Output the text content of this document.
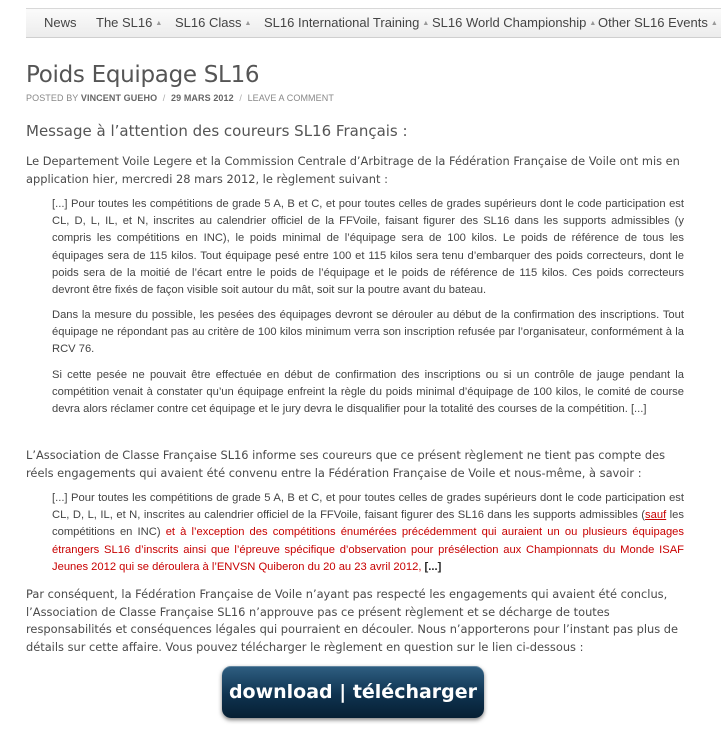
News The SL16 ▲ SL16 Class ▲ SL16 International Training ▲ SL16 World Championship ▲ Other SL16 Events ▲
Poids Equipage SL16
POSTED BY VINCENT GUEHO / 29 MARS 2012 / LEAVE A COMMENT
Message à l’attention des coureurs SL16 Français :
Le Departement Voile Legere et la Commission Centrale d’Arbitrage de la Fédération Française de Voile ont mis en application hier, mercredi 28 mars 2012, le règlement suivant :
[...] Pour toutes les compétitions de grade 5 A, B et C, et pour toutes celles de grades supérieurs dont le code participation est CL, D, L, IL, et N, inscrites au calendrier officiel de la FFVoile, faisant figurer des SL16 dans les supports admissibles (y compris les compétitions en INC), le poids minimal de l’équipage sera de 100 kilos. Le poids de référence de tous les équipages sera de 115 kilos. Tout équipage pesé entre 100 et 115 kilos sera tenu d’embarquer des poids correcteurs, dont le poids sera de la moitié de l’écart entre le poids de l’équipage et le poids de référence de 115 kilos. Ces poids correcteurs devront être fixés de façon visible soit autour du mât, soit sur la poutre avant du bateau.
Dans la mesure du possible, les pesées des équipages devront se dérouler au début de la confirmation des inscriptions. Tout équipage ne répondant pas au critère de 100 kilos minimum verra son inscription refusée par l’organisateur, conformément à la RCV 76.
Si cette pesée ne pouvait être effectuée en début de confirmation des inscriptions ou si un contrôle de jauge pendant la compétition venait à constater qu’un équipage enfreint la règle du poids minimal d’équipage de 100 kilos, le comité de course devra alors réclamer contre cet équipage et le jury devra le disqualifier pour la totalité des courses de la compétition. [...]
L’Association de Classe Française SL16 informe ses coureurs que ce présent règlement ne tient pas compte des réels engagements qui avaient été convenu entre la Fédération Française de Voile et nous-même, à savoir :
[...] Pour toutes les compétitions de grade 5 A, B et C, et pour toutes celles de grades supérieurs dont le code participation est CL, D, L, IL, et N, inscrites au calendrier officiel de la FFVoile, faisant figurer des SL16 dans les supports admissibles (sauf les compétitions en INC) et à l’exception des compétitions énumérées précédemment qui auraient un ou plusieurs équipages étrangers SL16 d’inscrits ainsi que l’épreuve spécifique d’observation pour présélection aux Championnats du Monde ISAF Jeunes 2012 qui se déroulera à l’ENVSN Quiberon du 20 au 23 avril 2012, [...]
Par conséquent, la Fédération Française de Voile n’ayant pas respecté les engagements qui avaient été conclus, l’Association de Classe Française SL16 n’approuve pas ce présent règlement et se décharge de toutes responsabilités et conséquences légales qui pourraient en découler. Nous n’apporterons pour l’instant pas plus de détails sur cette affaire. Vous pouvez télécharger le règlement en question sur le lien ci-dessous :
download | télécharger
